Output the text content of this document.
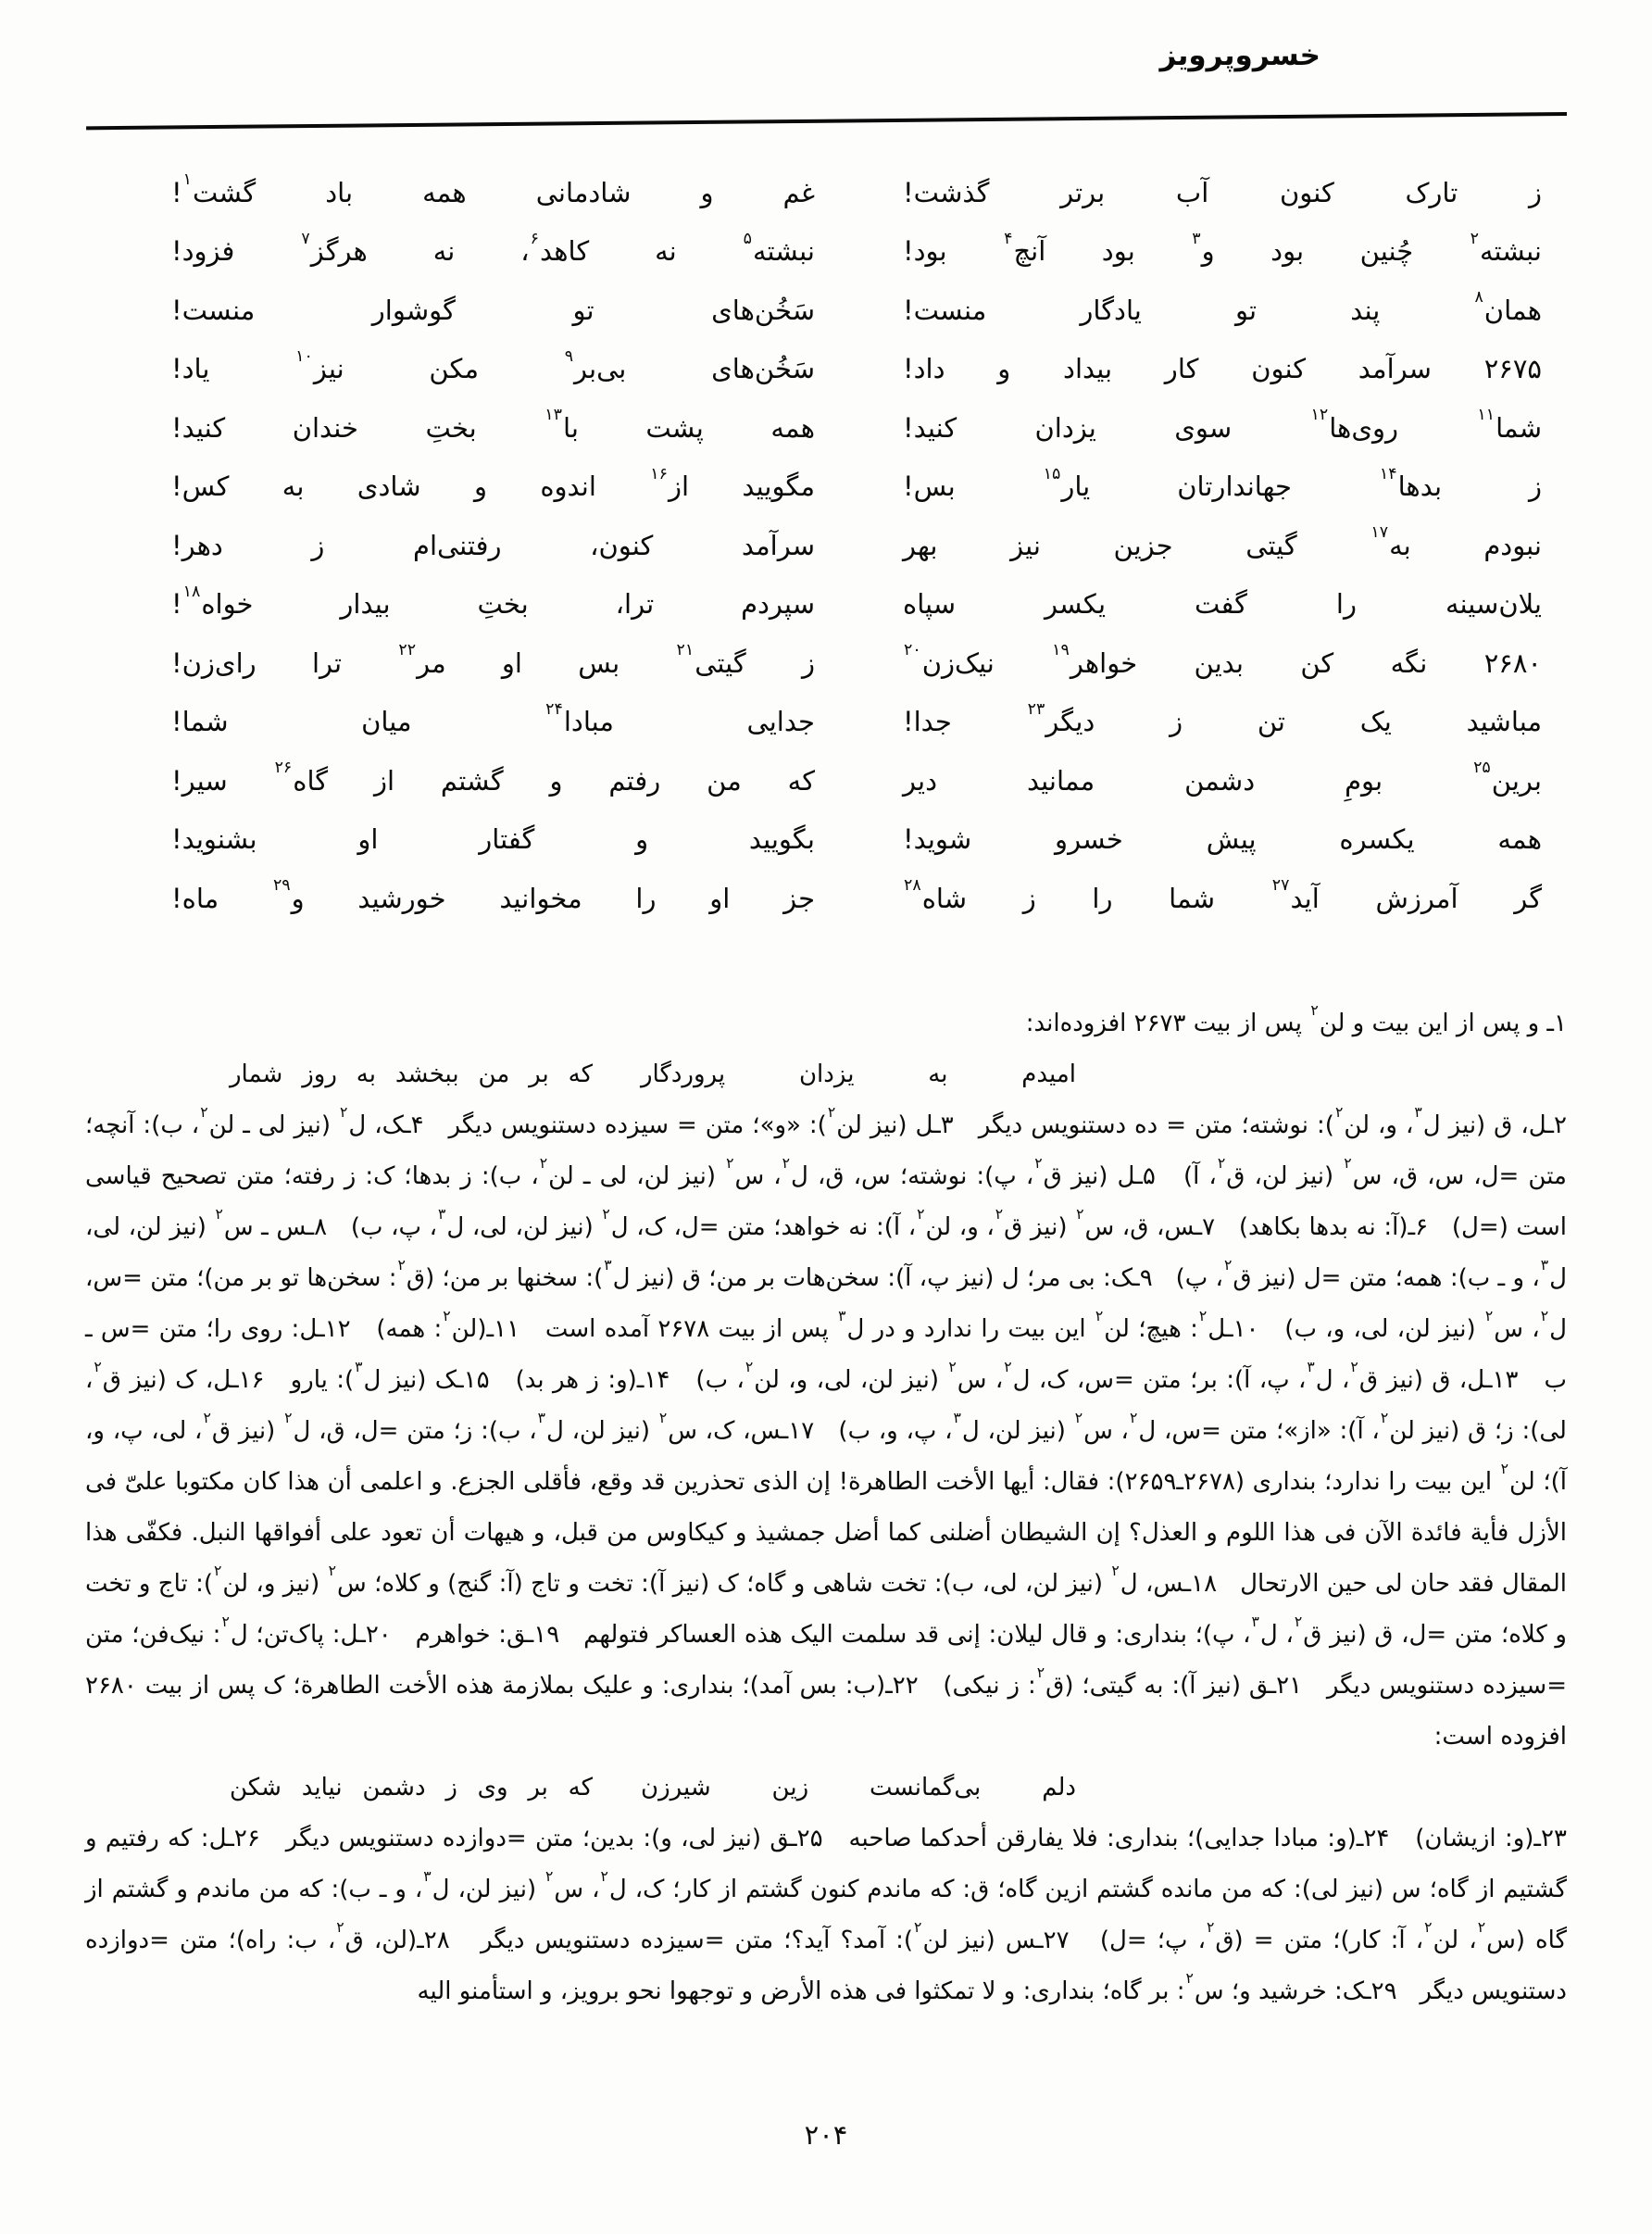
خسروپرویز
ز تارک کنون آب برتر گذشت!
غم و شادمانی همه باد گشت$^۱$!
نبشته$^۲$ چُنین بود و$^۳$ بود آنچ$^۴$ بود!
نبشته$^۵$ نه کاهد$^۶$، نه هرگز$^۷$ فزود!
همان$^۸$ پند تو یادگار منست!
سَخُن‌های تو گوشوار منست!
۲۶۷۵ سرآمد کنون کار بیداد و داد!
سَخُن‌های بی‌بر$^۹$ مکن نیز$^{۱۰}$ یاد!
شما$^{۱۱}$ روی‌ها$^{۱۲}$ سوی یزدان کنید!
همه پشت با$^{۱۳}$ بختِ خندان کنید!
ز بدها$^{۱۴}$ جهاندارتان یار$^{۱۵}$ بس!
مگویید از$^{۱۶}$ اندوه و شادی به کس!
نبودم به$^{۱۷}$ گیتی جزین نیز بهر
سرآمد کنون، رفتنی‌ام ز دهر!
یلان‌سینه را گفت یکسر سپاه
سپردم ترا، بختِ بیدار خواه$^{۱۸}$!
۲۶۸۰ نگه کن بدین خواهر$^{۱۹}$ نیک‌زن$^{۲۰}$
ز گیتی$^{۲۱}$ بس او مر$^{۲۲}$ ترا رای‌زن!
مباشید یک تن ز دیگر$^{۲۳}$ جدا!
جدایی مبادا$^{۲۴}$ میان شما!
برین$^{۲۵}$ بومِ دشمن ممانید دیر
که من رفتم و گشتم از گاه$^{۲۶}$ سیر!
همه یکسره پیش خسرو شوید!
بگویید و گفتار او بشنوید!
گر آمرزش آید$^{۲۷}$ شما را ز شاه$^{۲۸}$
جز او را مخوانید خورشید و$^{۲۹}$ ماه!
۱ـ و پس از این بیت و لن$^۲$ پس از بیت ۲۶۷۳ افزوده‌اند:
امیدم به یزدان پروردگار
که بر من ببخشد به روز شمار
۲ـل، ق (نیز ل$^۳$، و، لن$^۲$): نوشته؛ متن = ده دستنویس دیگر   ۳ـل (نیز لن$^۲$): «و»؛ متن = سیزده دستنویس دیگر   ۴ـک، ل$^۲$ (نیز لی ـ لن$^۲$، ب): آنچه؛ متن =ل، س، ق، س$^۲$ (نیز لن، ق$^۲$، آ)   ۵ـل (نیز ق$^۲$، پ): نوشته؛ س، ق، ل$^۲$، س$^۲$ (نیز لن، لی ـ لن$^۲$، ب): ز بدها؛ ک: ز رفته؛ متن تصحیح قیاسی است (=ل)   ۶ـ(آ: نه بدها بکاهد)   ۷ـس، ق، س$^۲$ (نیز ق$^۲$، و، لن$^۲$، آ): نه خواهد؛ متن =ل، ک، ل$^۲$ (نیز لن، لی، ل$^۳$، پ، ب)   ۸ـس ـ س$^۲$ (نیز لن، لی، ل$^۳$، و ـ ب): همه؛ متن =ل (نیز ق$^۲$، پ)   ۹ـک: بی مر؛ ل (نیز پ، آ): سخن‌هات بر من؛ ق (نیز ل$^۳$): سخنها بر من؛ (ق$^۲$: سخن‌ها تو بر من)؛ متن =س، ل$^۲$، س$^۲$ (نیز لن، لی، و، ب)   ۱۰ـل$^۲$: هیچ؛ لن$^۲$ این بیت را ندارد و در ل$^۳$ پس از بیت ۲۶۷۸ آمده است   ۱۱ـ(لن$^۲$: همه)   ۱۲ـل: روی را؛ متن =س ـ ب   ۱۳ـل، ق (نیز ق$^۲$، ل$^۳$، پ، آ): بر؛ متن =س، ک، ل$^۲$، س$^۲$ (نیز لن، لی، و، لن$^۲$، ب)   ۱۴ـ(و: ز هر بد)   ۱۵ـک (نیز ل$^۳$): یارو   ۱۶ـل، ک (نیز ق$^۲$، لی): ز؛ ق (نیز لن$^۲$، آ): «از»؛ متن =س، ل$^۲$، س$^۲$ (نیز لن، ل$^۳$، پ، و، ب)   ۱۷ـس، ک، س$^۲$ (نیز لن، ل$^۳$، ب): ز؛ متن =ل، ق، ل$^۲$ (نیز ق$^۲$، لی، پ، و، آ)؛ لن$^۲$ این بیت را ندارد؛ بنداری (۲۶۷۸ـ۲۶۵۹): فقال: أیها الأخت الطاهرة! إن الذی تحذرین قد وقع، فأقلی الجزع. و اعلمی أن هذا کان مکتوبا علیّ فی الأزل فأیة فائدة الآن فی هذا اللوم و العذل؟ إن الشیطان أضلنی کما أضل جمشیذ و کیکاوس من قبل، و هیهات أن تعود علی أفواقها النبل. فکفّی هذا المقال فقد حان لی حین الارتحال   ۱۸ـس، ل$^۲$ (نیز لن، لی، ب): تخت شاهی و گاه؛ ک (نیز آ): تخت و تاج (آ: گنج) و کلاه؛ س$^۲$ (نیز و، لن$^۲$): تاج و تخت و کلاه؛ متن =ل، ق (نیز ق$^۲$، ل$^۳$، پ)؛ بنداری: و قال لیلان: إنی قد سلمت الیک هذه العساکر فتولهم   ۱۹ـق: خواهرم   ۲۰ـل: پاک‌تن؛ ل$^۲$: نیک‌فن؛ متن =سیزده دستنویس دیگر   ۲۱ـق (نیز آ): به گیتی؛ (ق$^۲$: ز نیکی)   ۲۲ـ(ب: بس آمد)؛ بنداری: و علیک بملازمة هذه الأخت الطاهرة؛ ک پس از بیت ۲۶۸۰ افزوده است:
دلم بی‌گمانست زین شیرزن
که بر وی ز دشمن نیاید شکن
۲۳ـ(و: ازیشان)   ۲۴ـ(و: مبادا جدایی)؛ بنداری: فلا یفارقن أحدکما صاحبه   ۲۵ـق (نیز لی، و): بدین؛ متن =دوازده دستنویس دیگر   ۲۶ـل: که رفتیم و گشتیم از گاه؛ س (نیز لی): که من مانده گشتم ازین گاه؛ ق: که ماندم کنون گشتم از کار؛ ک، ل$^۲$، س$^۲$ (نیز لن، ل$^۳$، و ـ ب): که من ماندم و گشتم از گاه (س$^۲$، لن$^۲$، آ: کار)؛ متن = (ق$^۲$، پ؛ =ل)   ۲۷ـس (نیز لن$^۲$): آمد؟ آید؟؛ متن =سیزده دستنویس دیگر   ۲۸ـ(لن، ق$^۲$، ب: راه)؛ متن =دوازده دستنویس دیگر   ۲۹ـک: خرشید و؛ س$^۲$: بر گاه؛ بنداری: و لا تمکثوا فی هذه الأرض و توجهوا نحو برویز، و استأمنو الیه
۲۰۴
